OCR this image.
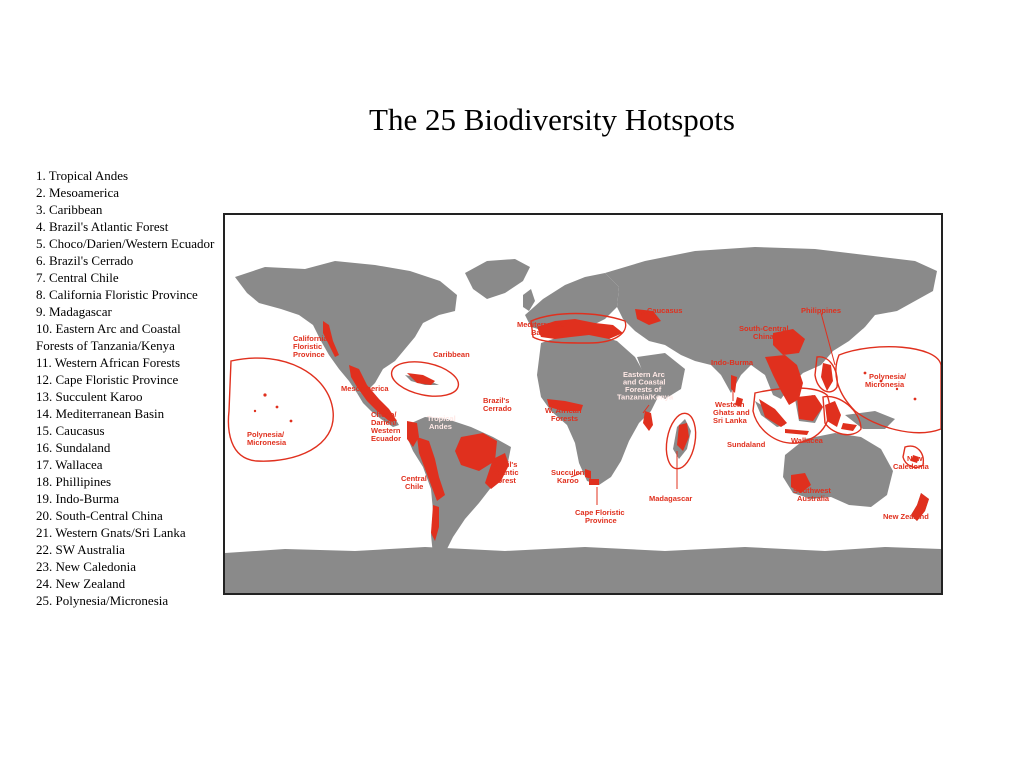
The 25 Biodiversity Hotspots
1. Tropical Andes
2. Mesoamerica
3. Caribbean
4. Brazil's Atlantic Forest
5. Choco/Darien/Western Ecuador
6. Brazil's Cerrado
7. Central Chile
8. California Floristic Province
9. Madagascar
10. Eastern Arc and Coastal Forests of Tanzania/Kenya
11. Western African Forests
12. Cape Floristic Province
13. Succulent Karoo
14. Mediterranean Basin
15. Caucasus
16. Sundaland
17. Wallacea
18. Phillipines
19. Indo-Burma
20. South-Central China
21. Western Gnats/Sri Lanka
22. SW Australia
23. New Caledonia
24. New Zealand
25. Polynesia/Micronesia
California Floristic Province
Mesoamerica
Caribbean
Polynesia/ Micronesia
Choco/ Darien/ Western Ecuador
Tropical Andes
Brazil's Cerrado
Brazil's Atlantic Forest
Central Chile
Mediterranean Basin
Caucasus
W. African Forests
Eastern Arc and Coastal Forests of Tanzania/Kenya
Succulent Karoo
Cape Floristic Province
Madagascar
Western Ghats and Sri Lanka
Indo-Burma
South-Central China
Philippines
Sundaland	Wallacea
Polynesia/ Micronesia
New Caledonia
Southwest Australia
New Zealand
